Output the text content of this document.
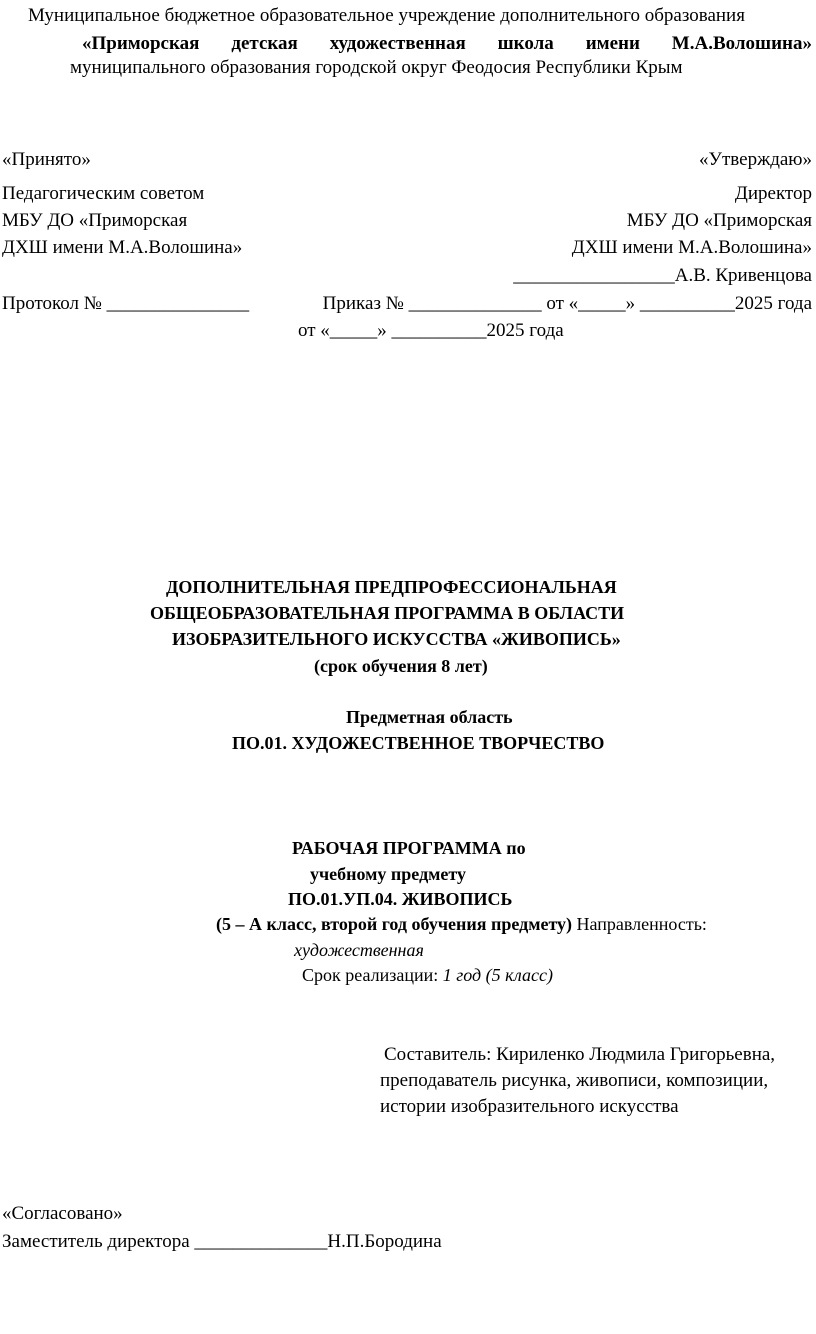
Муниципальное бюджетное образовательное учреждение дополнительного образования
«Приморская детская художественная школа имени М.А.Волошина»
муниципального образования городской округ Феодосия Республики Крым
«Принято»
Педагогическим советом
МБУ ДО «Приморская
ДХШ имени М.А.Волошина»
Протокол № _______________
«Утверждаю»
Директор
МБУ ДО «Приморская
ДХШ имени М.А.Волошина»
_________________А.В. Кривенцова
Приказ № ______________ от «_____» __________2025 года
от «_____» __________2025 года
ДОПОЛНИТЕЛЬНАЯ ПРЕДПРОФЕССИОНАЛЬНАЯ
ОБЩЕОБРАЗОВАТЕЛЬНАЯ ПРОГРАММА В ОБЛАСТИ
ИЗОБРАЗИТЕЛЬНОГО ИСКУССТВА «ЖИВОПИСЬ»
(срок обучения 8 лет)
Предметная область
ПО.01. ХУДОЖЕСТВЕННОЕ ТВОРЧЕСТВО
РАБОЧАЯ ПРОГРАММА по
учебному предмету
ПО.01.УП.04. ЖИВОПИСЬ
(5 – А класс, второй год обучения предмету) Направленность:
художественная
Срок реализации: 1 год (5 класс)
Составитель: Кириленко Людмила Григорьевна,
преподаватель рисунка, живописи, композиции,
истории изобразительного искусства
«Согласовано»
Заместитель директора ______________Н.П.Бородина
